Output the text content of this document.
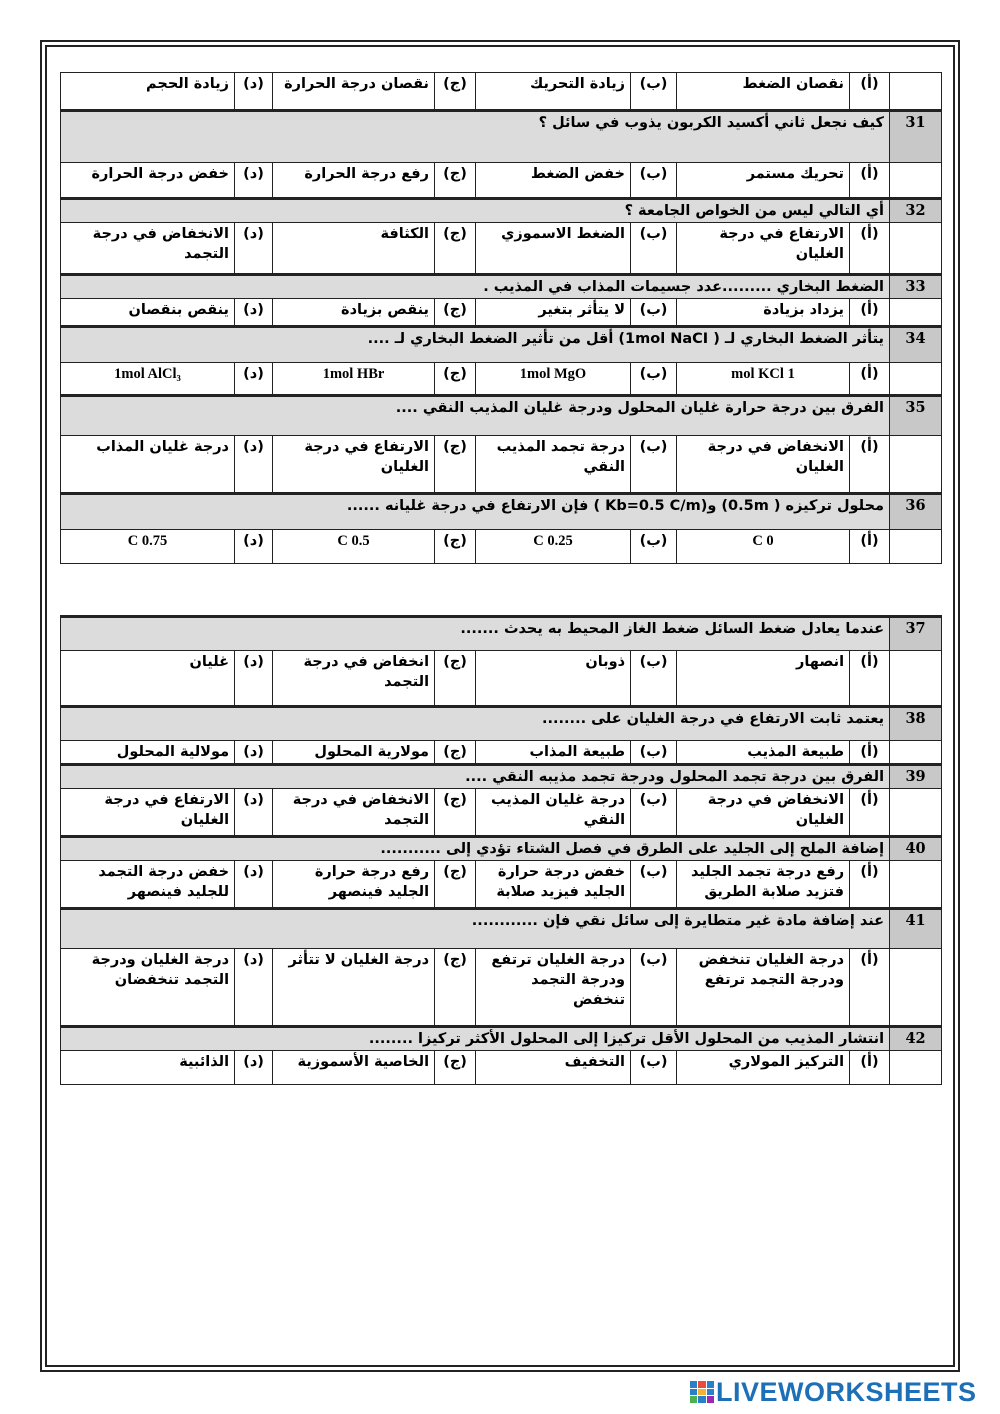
	(أ)	نقصان الضغط	(ب)	زيادة التحريك	(ج)	نقصان درجة الحرارة	(د)	زيادة الحجم
31	كيف نجعل ثاني أكسيد الكربون يذوب في سائل ؟							
	(أ)	تحريك مستمر	(ب)	خفض الضغط	(ج)	رفع درجة الحرارة	(د)	خفض درجة الحرارة
32	أي التالي ليس من الخواص الجامعة ؟							
	(أ)	الارتفاع في درجة الغليان	(ب)	الضغط الاسموزي	(ج)	الكثافة	(د)	الانخفاض في درجة التجمد
33	الضغط البخاري .........عدد جسيمات المذاب في المذيب .							
	(أ)	يزداد بزيادة	(ب)	لا يتأثر بتغير	(ج)	ينقص بزيادة	(د)	ينقص بنقصان
34	يتأثر الضغط البخاري لـ ( 1mol NaCI) أقل من تأثير الضغط البخاري لـ ....							
	(أ)	1 mol KCl	(ب)	1mol MgO	(ج)	1mol HBr	(د)	1mol AlCl₃
35	الفرق بين درجة حرارة غليان المحلول ودرجة غليان المذيب النقي ....							
	(أ)	الانخفاض في درجة الغليان	(ب)	درجة تجمد المذيب النقي	(ج)	الارتفاع في درجة الغليان	(د)	درجة غليان المذاب
36	محلول تركيزه ( 0.5m) و(Kb=0.5 C/m ) فإن الارتفاع في درجة غليانه ......							
	(أ)	0 C	(ب)	0.25 C	(ج)	0.5 C	(د)	0.75 C
37	عندما يعادل ضغط السائل ضغط الغاز المحيط به يحدث .......							
	(أ)	انصهار	(ب)	ذوبان	(ج)	انخفاض في درجة التجمد	(د)	غليان
38	يعتمد ثابت الارتفاع في درجة الغليان على ........							
	(أ)	طبيعة المذيب	(ب)	طبيعة المذاب	(ج)	مولارية المحلول	(د)	مولالية المحلول
39	الفرق بين درجة تجمد المحلول ودرجة تجمد مذيبه النقي ....							
	(أ)	الانخفاض في درجة الغليان	(ب)	درجة غليان المذيب النقي	(ج)	الانخفاض في درجة التجمد	(د)	الارتفاع في درجة الغليان
40	إضافة الملح إلى الجليد على الطرق في فصل الشتاء تؤدي إلى ...........							
	(أ)	رفع درجة تجمد الجليد فتزيد صلابة الطريق	(ب)	خفض درجة حرارة الجليد فيزيد صلابة	(ج)	رفع درجة حرارة الجليد فينصهر	(د)	خفض درجة التجمد للجليد فينصهر
41	عند إضافة مادة غير متطايرة إلى سائل نقي فإن ............							
	(أ)	درجة الغليان تنخفض ودرجة التجمد ترتفع	(ب)	درجة الغليان ترتفع ودرجة التجمد تنخفض	(ج)	درجة الغليان لا تتأثر	(د)	درجة الغليان ودرجة التجمد تنخفضان
42	انتشار المذيب من المحلول الأقل تركيزا إلى المحلول الأكثر تركيزا ........							
	(أ)	التركيز المولاري	(ب)	التخفيف	(ج)	الخاصية الأسموزية	(د)	الذائبية
LIVEWORKSHEETS
